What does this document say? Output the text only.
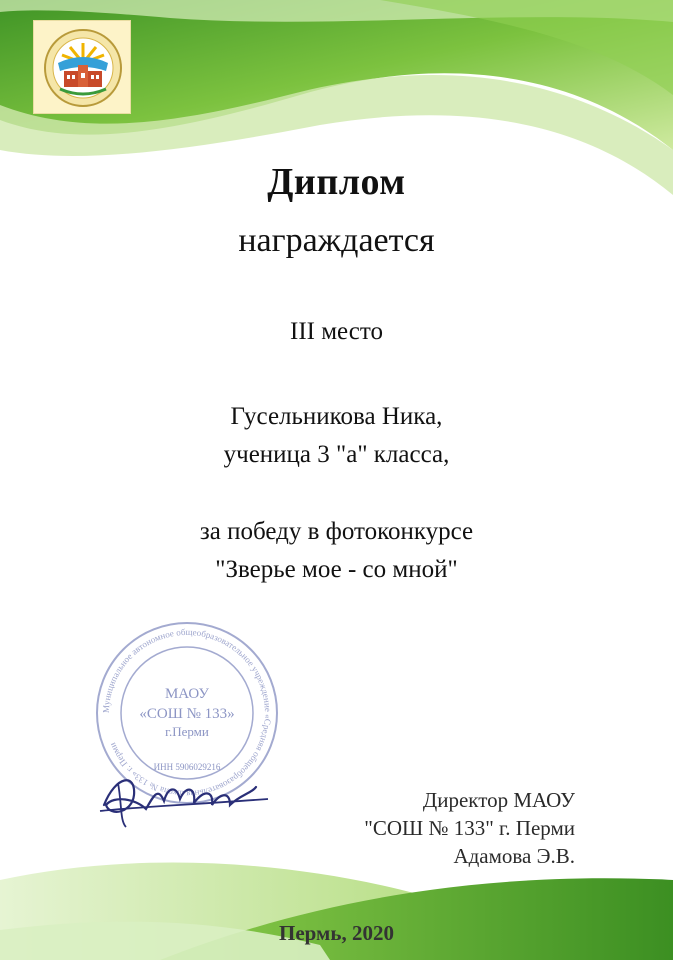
Диплом
награждается
III место
Гусельникова Ника,
ученица 3 "а" класса,
за победу в фотоконкурсе
"Зверье мое - со мной"
Муниципальное автономное общеобразовательное учреждение «Средняя общеобразовательная школа № 133» г. Перми
МАОУ
«СОШ № 133»
г.Перми
ИНН 5906029216
Директор МАОУ
"СОШ № 133" г. Перми
Адамова Э.В.
Пермь, 2020
